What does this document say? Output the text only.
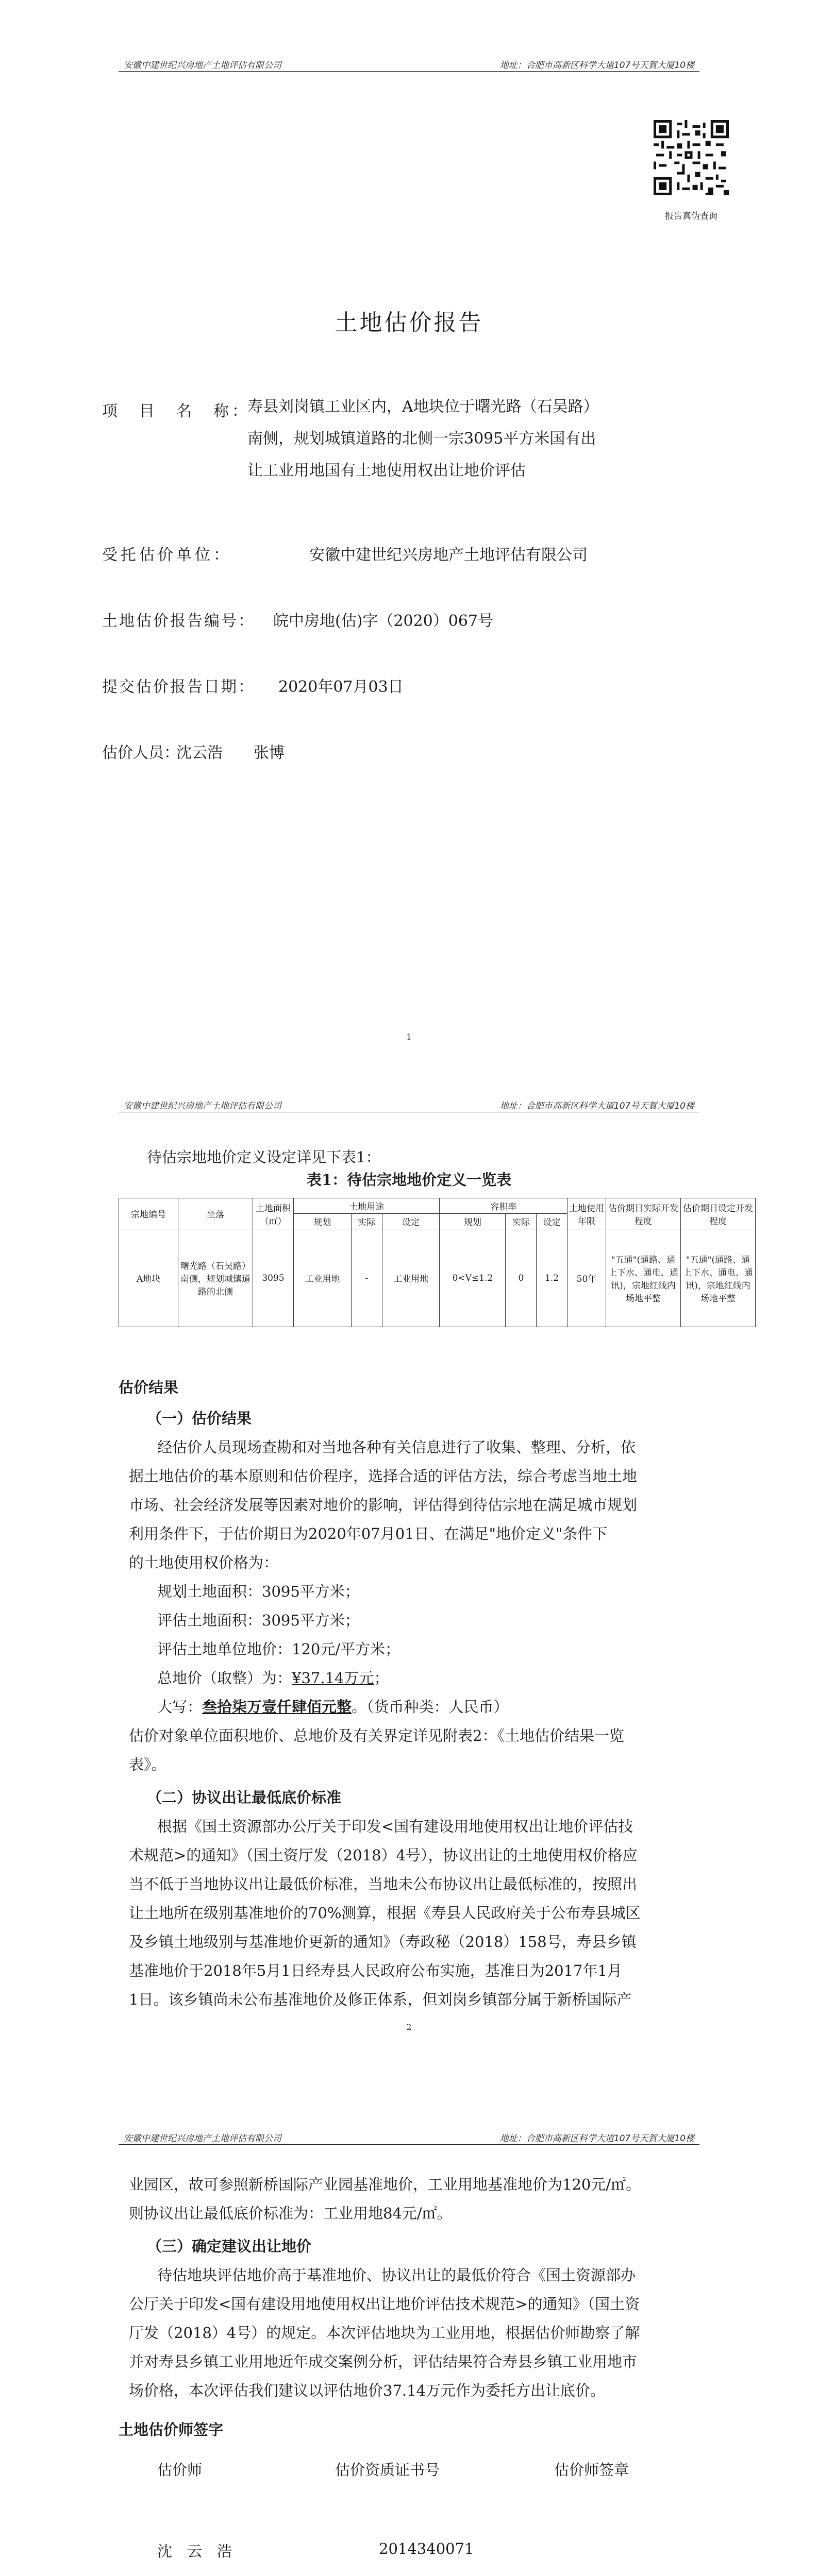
安徽中建世纪兴房地产土地评估有限公司	地址：合肥市高新区科学大道107号天賀大厦10楼
报告真伪查询
土地估价报告
项　目　名　称：
寿县刘岗镇工业区内，A地块位于曙光路（石吴路）
南侧，规划城镇道路的北侧一宗3095平方米国有出
让工业用地国有土地使用权出让地价评估
受托估价单位：	安徽中建世纪兴房地产土地评估有限公司
土地估价报告编号： 皖中房地(估)字（2020）067号
提交估价报告日期： 2020年07月03日
估价人员：
沈云浩　　张博
1
安徽中建世纪兴房地产土地评估有限公司	地址：合肥市高新区科学大道107号天賀大厦10楼
待估宗地地价定义设定详见下表1：
表1：待估宗地地价定义一览表
宗地编号	坐落	土地面积（㎡）	土地用途			容积率			土地使用年限	估价期日实际开发程度	估价期日设定开发程度
			规划	实际	设定	规划	实际	设定			
A地块	曙光路（石吴路）南侧，规划城镇道路的北侧	3095	工业用地	-	工业用地	0<V≤1.2	0	1.2	50年	"五通"(通路、通上下水、通电、通讯)，宗地红线内场地平整	"五通"(通路、通上下水、通电、通讯)，宗地红线内场地平整
估价结果
（一）估价结果
经估价人员现场查勘和对当地各种有关信息进行了收集、整理、分析，依
据土地估价的基本原则和估价程序，选择合适的评估方法，综合考虑当地土地
市场、社会经济发展等因素对地价的影响，评估得到待估宗地在满足城市规划
利用条件下，于估价期日为2020年07月01日、在满足"地价定义"条件下
的土地使用权价格为：
规划土地面积：3095平方米；
评估土地面积：3095平方米；
评估土地单位地价：120元/平方米；
总地价（取整）为：¥37.14万元；
大写：叁拾柒万壹仟肆佰元整。（货币种类：人民币）
估价对象单位面积地价、总地价及有关界定详见附表2：《土地估价结果一览
表》。
（二）协议出让最低底价标准
根据《国土资源部办公厅关于印发<国有建设用地使用权出让地价评估技
术规范>的通知》（国土资厅发（2018）4号），协议出让的土地使用权价格应
当不低于当地协议出让最低价标准，当地未公布协议出让最低标准的，按照出
让土地所在级别基准地价的70%测算，根据《寿县人民政府关于公布寿县城区
及乡镇土地级别与基准地价更新的通知》（寿政秘（2018）158号，寿县乡镇
基准地价于2018年5月1日经寿县人民政府公布实施，基准日为2017年1月
1日。该乡镇尚未公布基准地价及修正体系，但刘岗乡镇部分属于新桥国际产
2
安徽中建世纪兴房地产土地评估有限公司	地址：合肥市高新区科学大道107号天賀大厦10楼
业园区，故可参照新桥国际产业园基准地价，工业用地基准地价为120元/㎡。
则协议出让最低底价标准为：工业用地84元/㎡。
（三）确定建议出让地价
待估地块评估地价高于基准地价、协议出让的最低价符合《国土资源部办
公厅关于印发<国有建设用地使用权出让地价评估技术规范>的通知》（国土资
厅发（2018）4号）的规定。本次评估地块为工业用地，根据估价师勘察了解
并对寿县乡镇工业用地近年成交案例分析，评估结果符合寿县乡镇工业用地市
场价格，本次评估我们建议以评估地价37.14万元作为委托方出让底价。
土地估价师签字
估价师	估价资质证书号	估价师签章
沈　云　浩	2014340071
